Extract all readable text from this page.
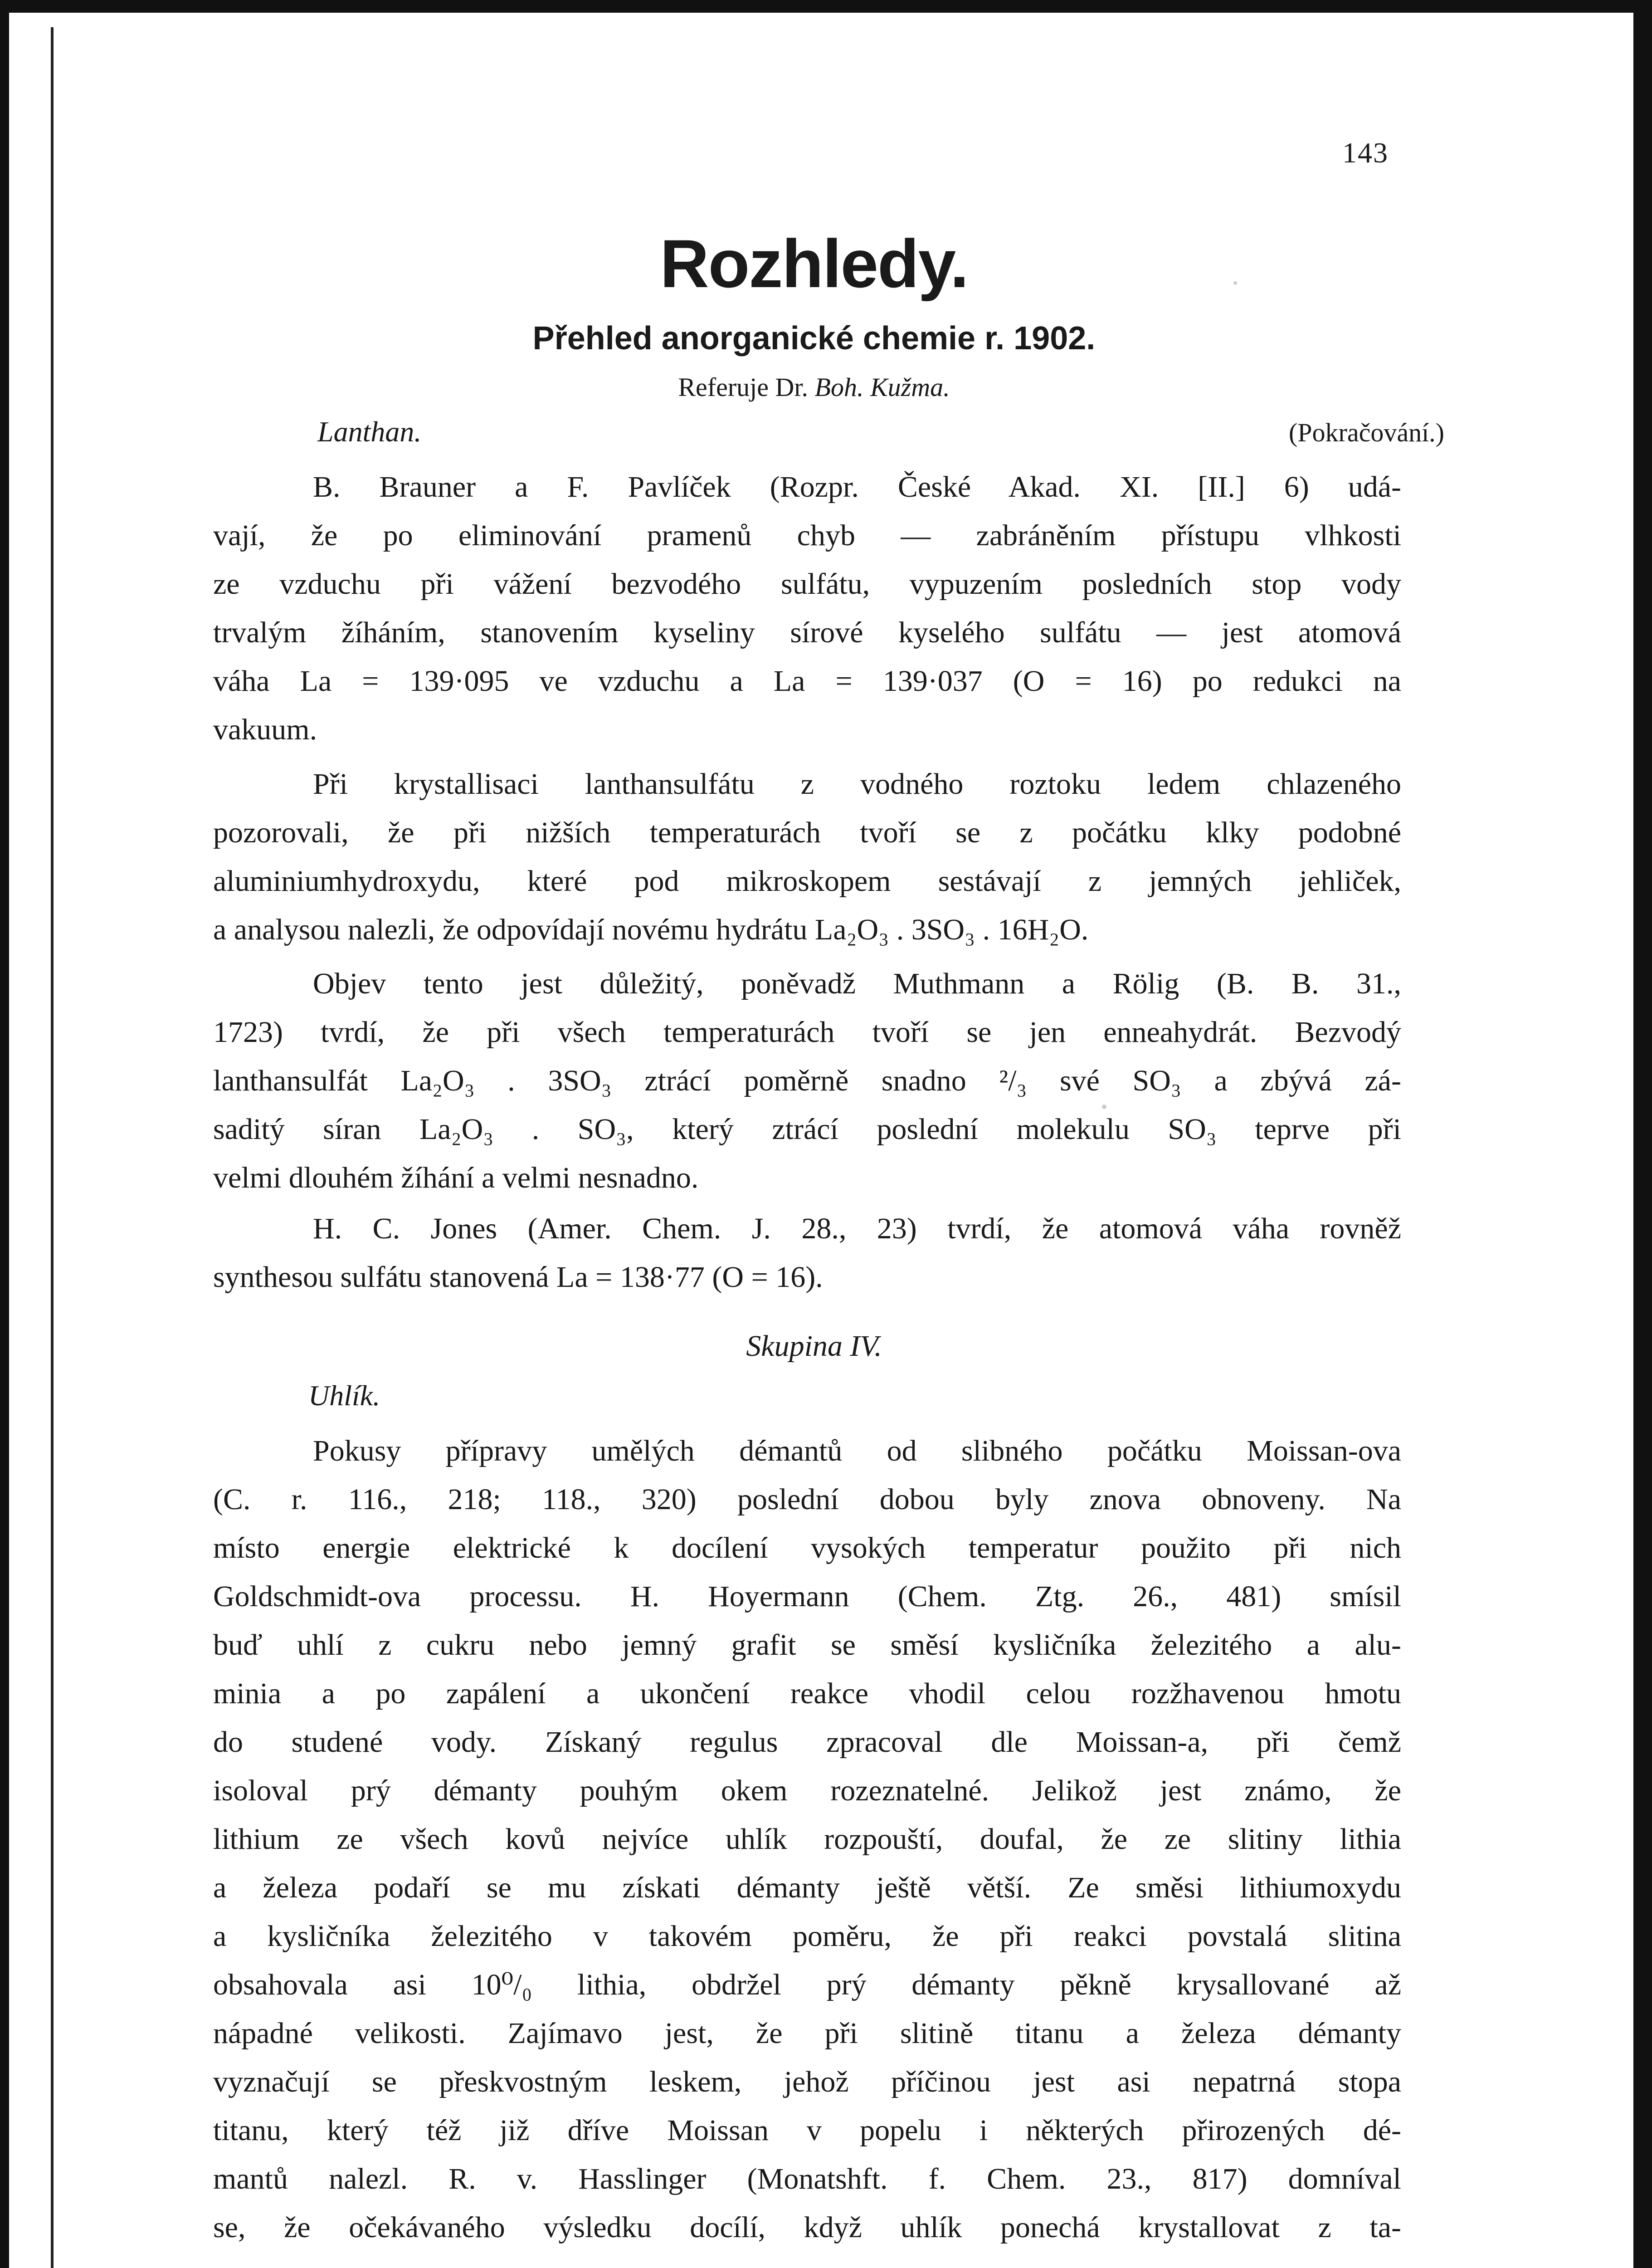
143
Rozhledy.
Přehled anorganické chemie r. 1902.
Referuje Dr. Boh. Kužma.
Lanthan.	(Pokračování.)
B. Brauner a F. Pavlíček (Rozpr. České Akad. XI. [II.] 6) udá-
vají, že po eliminování pramenů chyb — zabráněním přístupu vlhkosti
ze vzduchu při vážení bezvodého sulfátu, vypuzením posledních stop vody
trvalým žíháním, stanovením kyseliny sírové kyselého sulfátu — jest atomová
váha La = 139·095 ve vzduchu a La = 139·037 (O = 16) po redukci na
vakuum.
Při krystallisaci lanthansulfátu z vodného roztoku ledem chlazeného
pozorovali, že při nižších temperaturách tvoří se z počátku klky podobné
aluminiumhydroxydu, které pod mikroskopem sestávají z jemných jehliček,
a analysou nalezli, že odpovídají novému hydrátu La₂O₃ . 3SO₃ . 16H₂O.
Objev tento jest důležitý, poněvadž Muthmann a Rölig (B. B. 31.,
1723) tvrdí, že při všech temperaturách tvoří se jen enneahydrát. Bezvodý
lanthansulfát La₂O₃ . 3SO₃ ztrácí poměrně snadno ²/₃ své SO₃ a zbývá zá-
saditý síran La₂O₃ . SO₃, který ztrácí poslední molekulu SO₃ teprve při
velmi dlouhém žíhání a velmi nesnadno.
H. C. Jones (Amer. Chem. J. 28., 23) tvrdí, že atomová váha rovněž
synthesou sulfátu stanovená La = 138·77 (O = 16).
Skupina IV.
Uhlík.
Pokusy přípravy umělých démantů od slibného počátku Moissan-ova
(C. r. 116., 218; 118., 320) poslední dobou byly znova obnoveny. Na
místo energie elektrické k docílení vysokých temperatur použito při nich
Goldschmidt-ova processu. H. Hoyermann (Chem. Ztg. 26., 481) smísil
buď uhlí z cukru nebo jemný grafit se směsí kysličníka železitého a alu-
minia a po zapálení a ukončení reakce vhodil celou rozžhavenou hmotu
do studené vody. Získaný regulus zpracoval dle Moissan-a, při čemž
isoloval prý démanty pouhým okem rozeznatelné. Jelikož jest známo, že
lithium ze všech kovů nejvíce uhlík rozpouští, doufal, že ze slitiny lithia
a železa podaří se mu získati démanty ještě větší. Ze směsi lithiumoxydu
a kysličníka železitého v takovém poměru, že při reakci povstalá slitina
obsahovala asi 10⁰/₀ lithia, obdržel prý démanty pěkně krysallované až
nápadné velikosti. Zajímavo jest, že při slitině titanu a železa démanty
vyznačují se přeskvostným leskem, jehož příčinou jest asi nepatrná stopa
titanu, který též již dříve Moissan v popelu i některých přirozených dé-
mantů nalezl. R. v. Hasslinger (Monatshft. f. Chem. 23., 817) domníval
se, že očekávaného výsledku docílí, když uhlík ponechá krystallovat z ta-
